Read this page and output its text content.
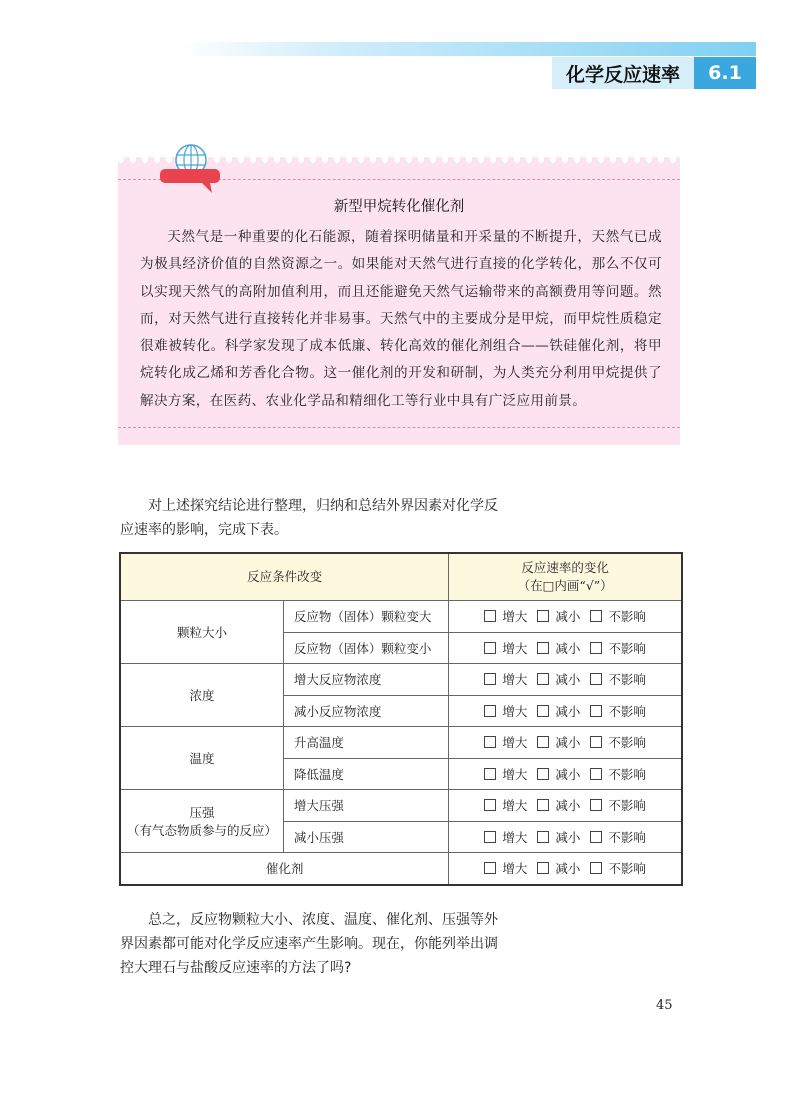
化学反应速率	6.1
新型甲烷转化催化剂
天然气是一种重要的化石能源，随着探明储量和开采量的不断提升，天然气已成为极具经济价值的自然资源之一。如果能对天然气进行直接的化学转化，那么不仅可以实现天然气的高附加值利用，而且还能避免天然气运输带来的高额费用等问题。然而，对天然气进行直接转化并非易事。天然气中的主要成分是甲烷，而甲烷性质稳定很难被转化。科学家发现了成本低廉、转化高效的催化剂组合——铁硅催化剂，将甲烷转化成乙烯和芳香化合物。这一催化剂的开发和研制，为人类充分利用甲烷提供了解决方案，在医药、农业化学品和精细化工等行业中具有广泛应用前景。
对上述探究结论进行整理，归纳和总结外界因素对化学反应速率的影响，完成下表。
反应条件改变		反应速率的变化
（在□内画“√”）

颗粒大小	反应物（固体）颗粒变大	增大 减小 不影响
	反应物（固体）颗粒变小	增大 减小 不影响
浓度	增大反应物浓度	增大 减小 不影响
	减小反应物浓度	增大 减小 不影响
温度	升高温度	增大 减小 不影响
	降低温度	增大 减小 不影响

压强
（有气态物质参与的反应）	增大压强	增大 减小 不影响
	减小压强	增大 减小 不影响
催化剂		增大 减小 不影响
总之，反应物颗粒大小、浓度、温度、催化剂、压强等外界因素都可能对化学反应速率产生影响。现在，你能列举出调控大理石与盐酸反应速率的方法了吗?
45
